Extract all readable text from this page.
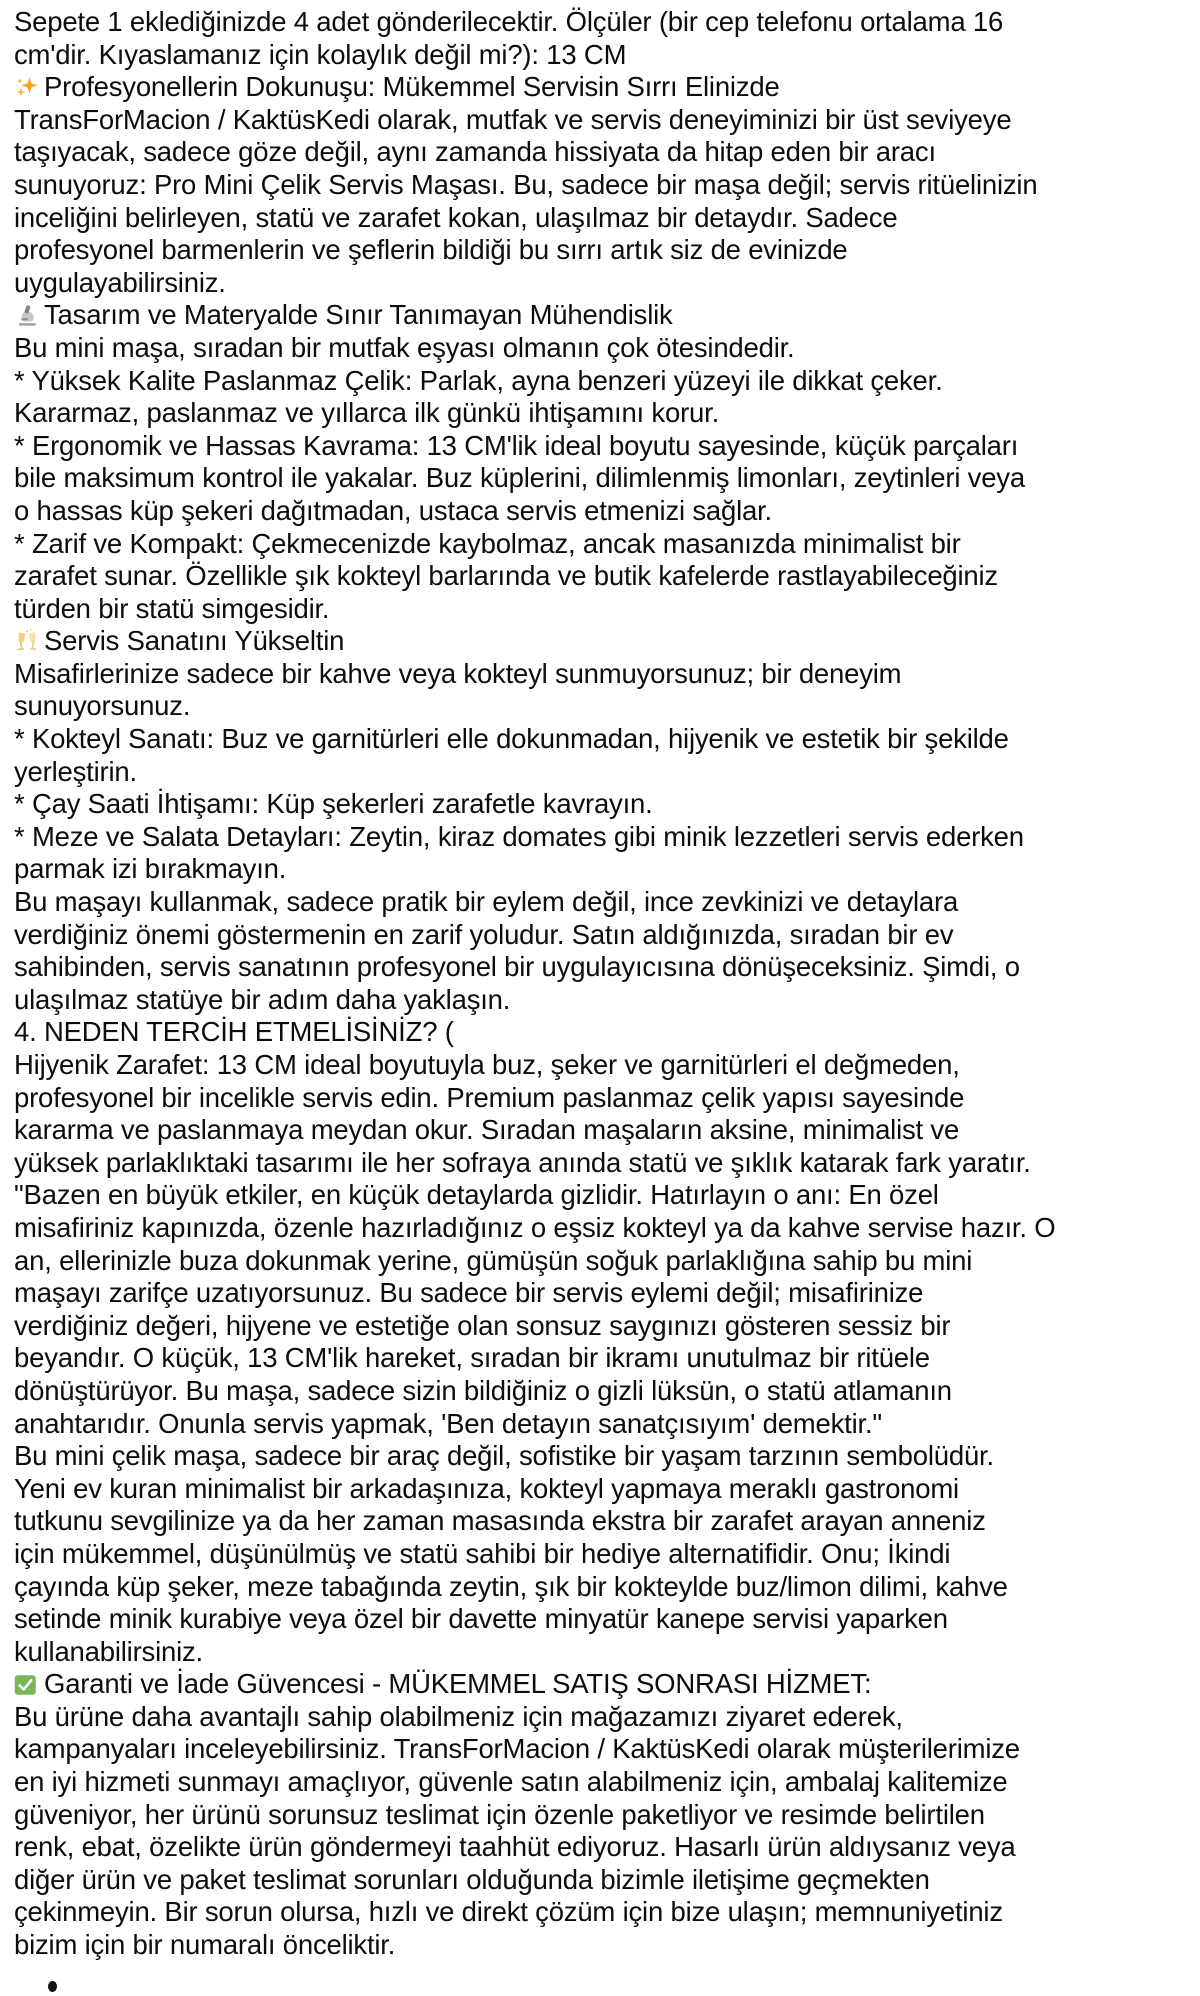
Sepete 1 eklediğinizde 4 adet gönderilecektir. Ölçüler (bir cep telefonu ortalama 16
cm'dir. Kıyaslamanız için kolaylık değil mi?): 13 CM
Profesyonellerin Dokunuşu: Mükemmel Servisin Sırrı Elinizde
TransForMacion / KaktüsKedi olarak, mutfak ve servis deneyiminizi bir üst seviyeye
taşıyacak, sadece göze değil, aynı zamanda hissiyata da hitap eden bir aracı
sunuyoruz: Pro Mini Çelik Servis Maşası. Bu, sadece bir maşa değil; servis ritüelinizin
inceliğini belirleyen, statü ve zarafet kokan, ulaşılmaz bir detaydır. Sadece
profesyonel barmenlerin ve şeflerin bildiği bu sırrı artık siz de evinizde
uygulayabilirsiniz.
Tasarım ve Materyalde Sınır Tanımayan Mühendislik
Bu mini maşa, sıradan bir mutfak eşyası olmanın çok ötesindedir.
* Yüksek Kalite Paslanmaz Çelik: Parlak, ayna benzeri yüzeyi ile dikkat çeker.
Kararmaz, paslanmaz ve yıllarca ilk günkü ihtişamını korur.
* Ergonomik ve Hassas Kavrama: 13 CM'lik ideal boyutu sayesinde, küçük parçaları
bile maksimum kontrol ile yakalar. Buz küplerini, dilimlenmiş limonları, zeytinleri veya
o hassas küp şekeri dağıtmadan, ustaca servis etmenizi sağlar.
* Zarif ve Kompakt: Çekmecenizde kaybolmaz, ancak masanızda minimalist bir
zarafet sunar. Özellikle şık kokteyl barlarında ve butik kafelerde rastlayabileceğiniz
türden bir statü simgesidir.
Servis Sanatını Yükseltin
Misafirlerinize sadece bir kahve veya kokteyl sunmuyorsunuz; bir deneyim
sunuyorsunuz.
* Kokteyl Sanatı: Buz ve garnitürleri elle dokunmadan, hijyenik ve estetik bir şekilde
yerleştirin.
* Çay Saati İhtişamı: Küp şekerleri zarafetle kavrayın.
* Meze ve Salata Detayları: Zeytin, kiraz domates gibi minik lezzetleri servis ederken
parmak izi bırakmayın.
Bu maşayı kullanmak, sadece pratik bir eylem değil, ince zevkinizi ve detaylara
verdiğiniz önemi göstermenin en zarif yoludur. Satın aldığınızda, sıradan bir ev
sahibinden, servis sanatının profesyonel bir uygulayıcısına dönüşeceksiniz. Şimdi, o
ulaşılmaz statüye bir adım daha yaklaşın.
4. NEDEN TERCİH ETMELİSİNİZ? (
Hijyenik Zarafet: 13 CM ideal boyutuyla buz, şeker ve garnitürleri el değmeden,
profesyonel bir incelikle servis edin. Premium paslanmaz çelik yapısı sayesinde
kararma ve paslanmaya meydan okur. Sıradan maşaların aksine, minimalist ve
yüksek parlaklıktaki tasarımı ile her sofraya anında statü ve şıklık katarak fark yaratır.
"Bazen en büyük etkiler, en küçük detaylarda gizlidir. Hatırlayın o anı: En özel
misafiriniz kapınızda, özenle hazırladığınız o eşsiz kokteyl ya da kahve servise hazır. O
an, ellerinizle buza dokunmak yerine, gümüşün soğuk parlaklığına sahip bu mini
maşayı zarifçe uzatıyorsunuz. Bu sadece bir servis eylemi değil; misafirinize
verdiğiniz değeri, hijyene ve estetiğe olan sonsuz saygınızı gösteren sessiz bir
beyandır. O küçük, 13 CM'lik hareket, sıradan bir ikramı unutulmaz bir ritüele
dönüştürüyor. Bu maşa, sadece sizin bildiğiniz o gizli lüksün, o statü atlamanın
anahtarıdır. Onunla servis yapmak, 'Ben detayın sanatçısıyım' demektir."
Bu mini çelik maşa, sadece bir araç değil, sofistike bir yaşam tarzının sembolüdür.
Yeni ev kuran minimalist bir arkadaşınıza, kokteyl yapmaya meraklı gastronomi
tutkunu sevgilinize ya da her zaman masasında ekstra bir zarafet arayan anneniz
için mükemmel, düşünülmüş ve statü sahibi bir hediye alternatifidir. Onu; İkindi
çayında küp şeker, meze tabağında zeytin, şık bir kokteylde buz/limon dilimi, kahve
setinde minik kurabiye veya özel bir davette minyatür kanepe servisi yaparken
kullanabilirsiniz.
Garanti ve İade Güvencesi - MÜKEMMEL SATIŞ SONRASI HİZMET:
Bu ürüne daha avantajlı sahip olabilmeniz için mağazamızı ziyaret ederek,
kampanyaları inceleyebilirsiniz. TransForMacion / KaktüsKedi olarak müşterilerimize
en iyi hizmeti sunmayı amaçlıyor, güvenle satın alabilmeniz için, ambalaj kalitemize
güveniyor, her ürünü sorunsuz teslimat için özenle paketliyor ve resimde belirtilen
renk, ebat, özelikte ürün göndermeyi taahhüt ediyoruz. Hasarlı ürün aldıysanız veya
diğer ürün ve paket teslimat sorunları olduğunda bizimle iletişime geçmekten
çekinmeyin. Bir sorun olursa, hızlı ve direkt çözüm için bize ulaşın; memnuniyetiniz
bizim için bir numaralı önceliktir.
